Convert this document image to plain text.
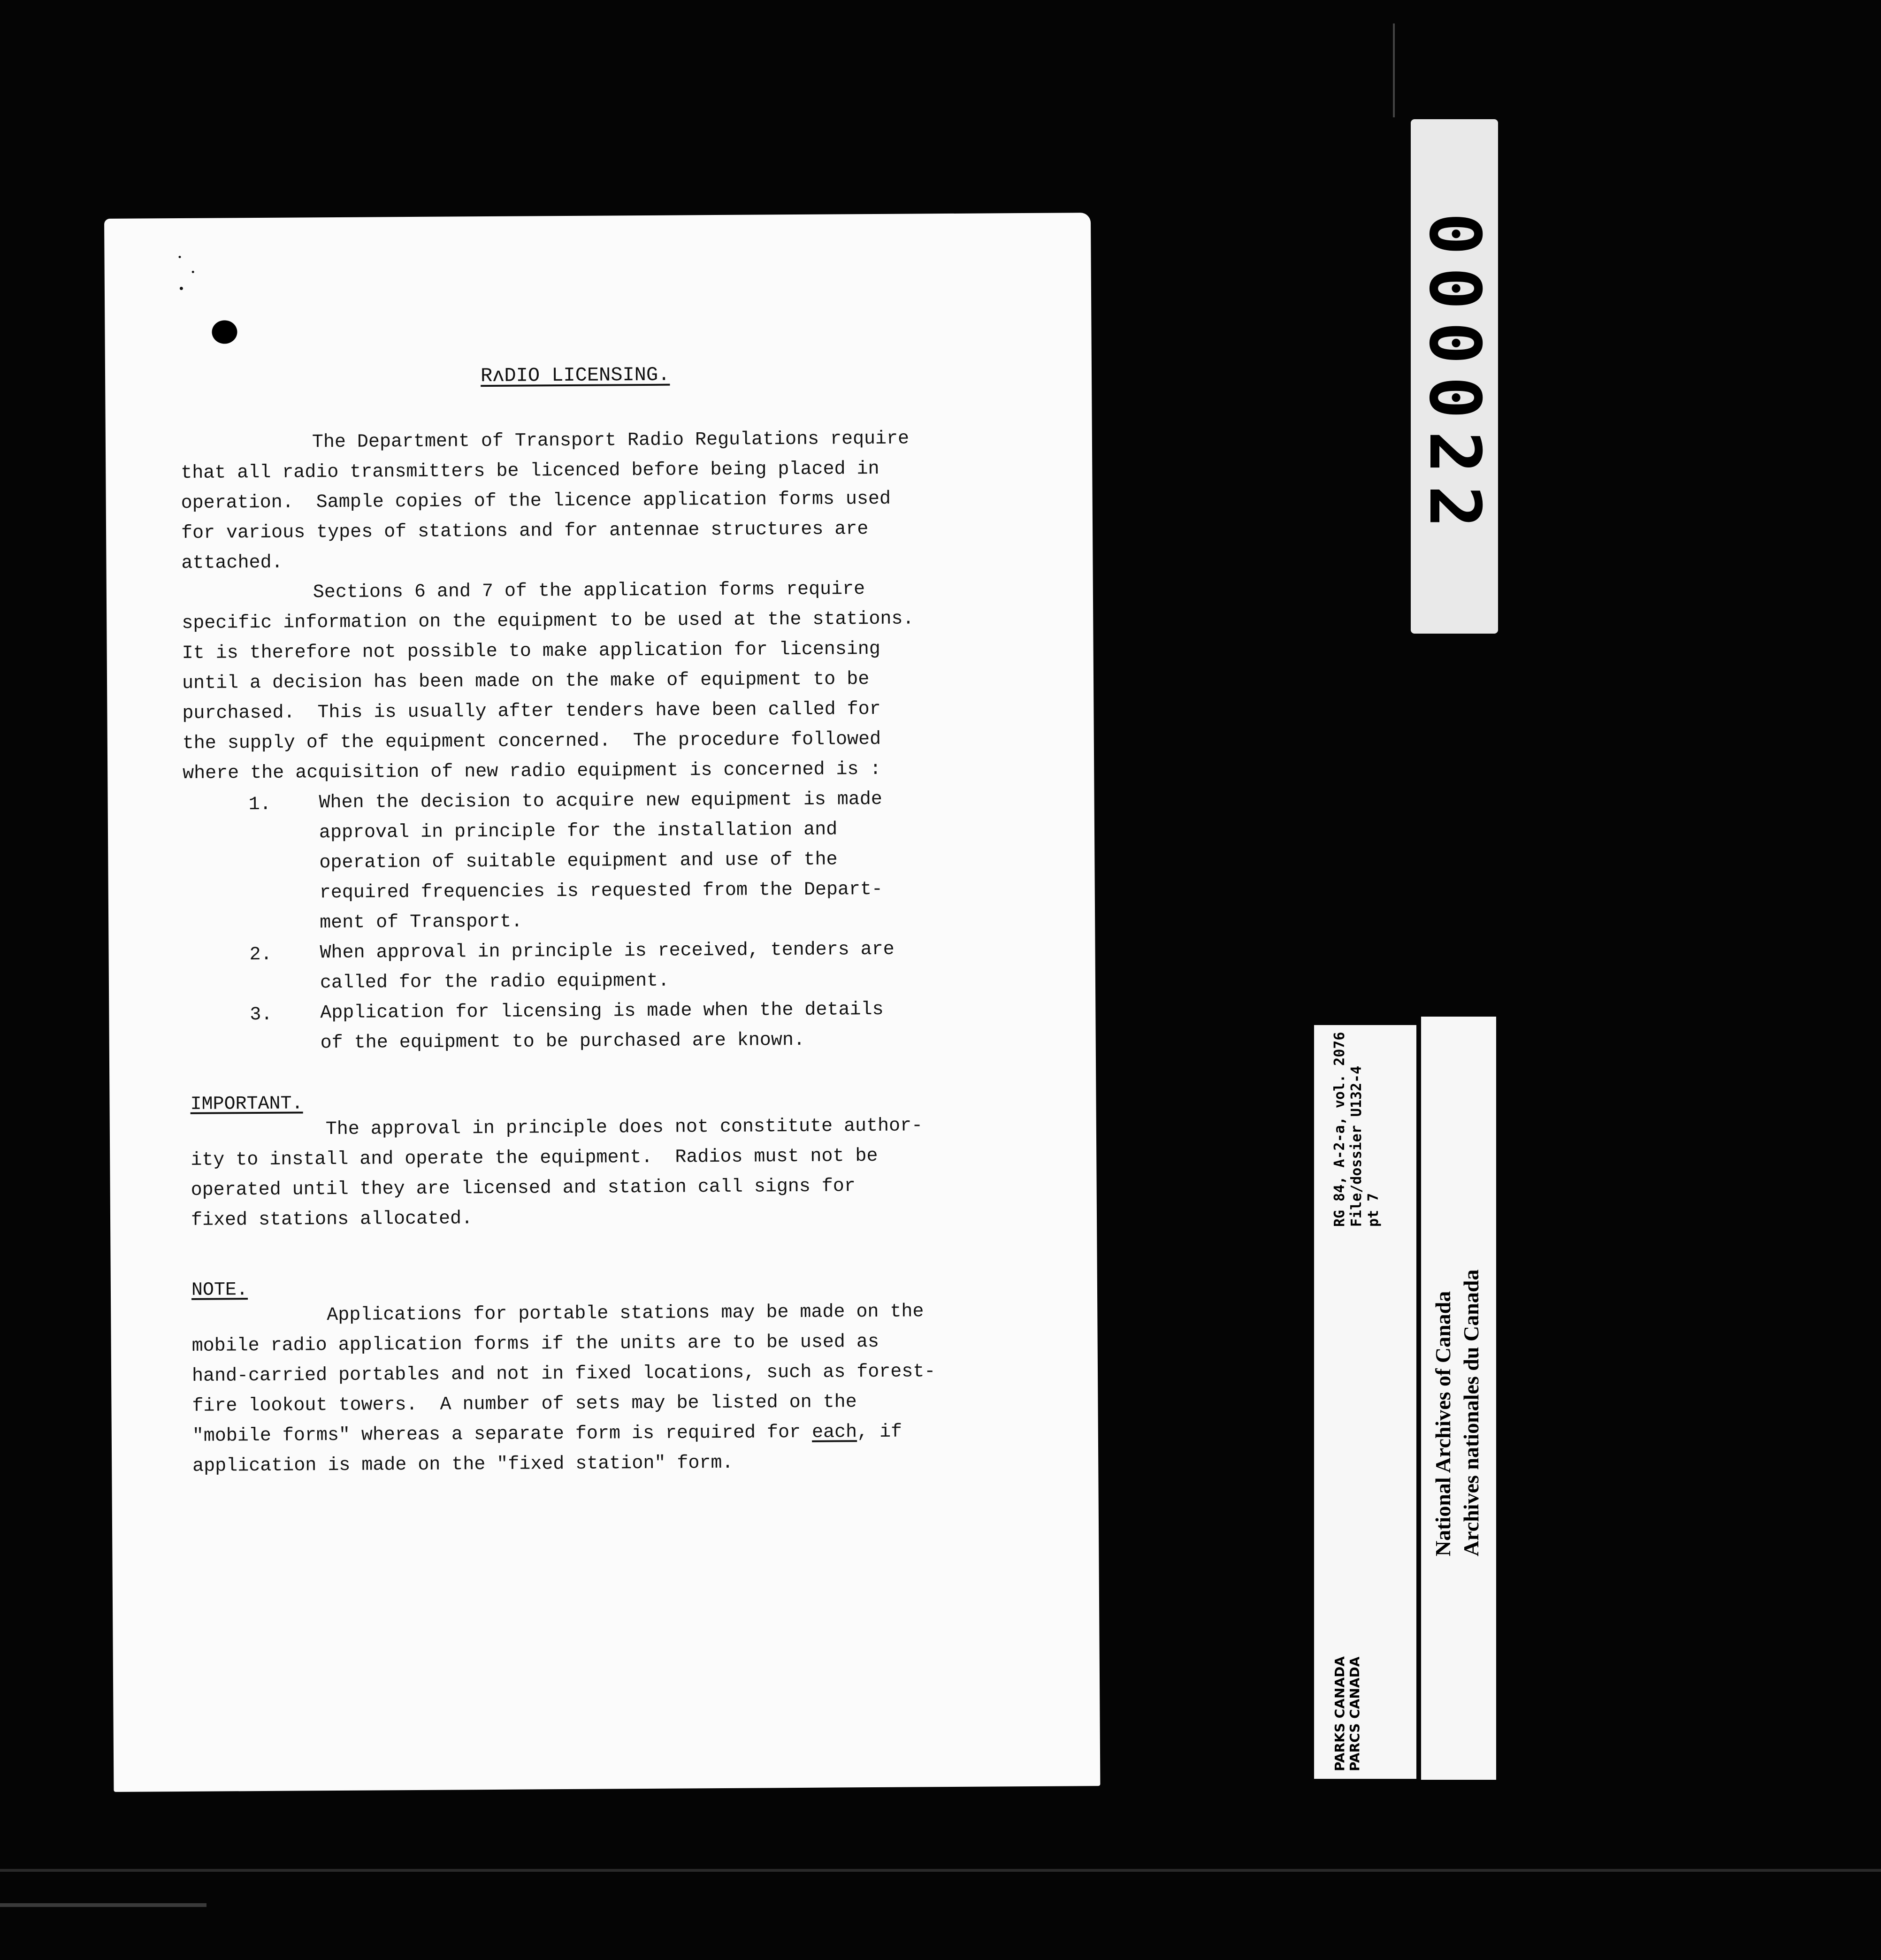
RʌDIO LICENSING.
The Department of Transport Radio Regulations require
that all radio transmitters be licenced before being placed in
operation.  Sample copies of the licence application forms used
for various types of stations and for antennae structures are
attached.
Sections 6 and 7 of the application forms require
specific information on the equipment to be used at the stations.
It is therefore not possible to make application for licensing
until a decision has been made on the make of equipment to be
purchased.  This is usually after tenders have been called for
the supply of the equipment concerned.  The procedure followed
where the acquisition of new radio equipment is concerned is :
1.	When the decision to acquire new equipment is made
approval in principle for the installation and
operation of suitable equipment and use of the
required frequencies is requested from the Depart-
ment of Transport.
2.	When approval in principle is received, tenders are
called for the radio equipment.
3.	Application for licensing is made when the details
of the equipment to be purchased are known.
IMPORTANT.
The approval in principle does not constitute author-
ity to install and operate the equipment.  Radios must not be
operated until they are licensed and station call signs for
fixed stations allocated.
NOTE.
Applications for portable stations may be made on the
mobile radio application forms if the units are to be used as
hand-carried portables and not in fixed locations, such as forest-
fire lookout towers.  A number of sets may be listed on the
"mobile forms" whereas a separate form is required for each, if
application is made on the "fixed station" form.
000022
RG 84, A-2-a, vol. 2076 File/dossier U132-4 pt 7
PARKS CANADA PARCS CANADA
National Archives of Canada Archives nationales du Canada
